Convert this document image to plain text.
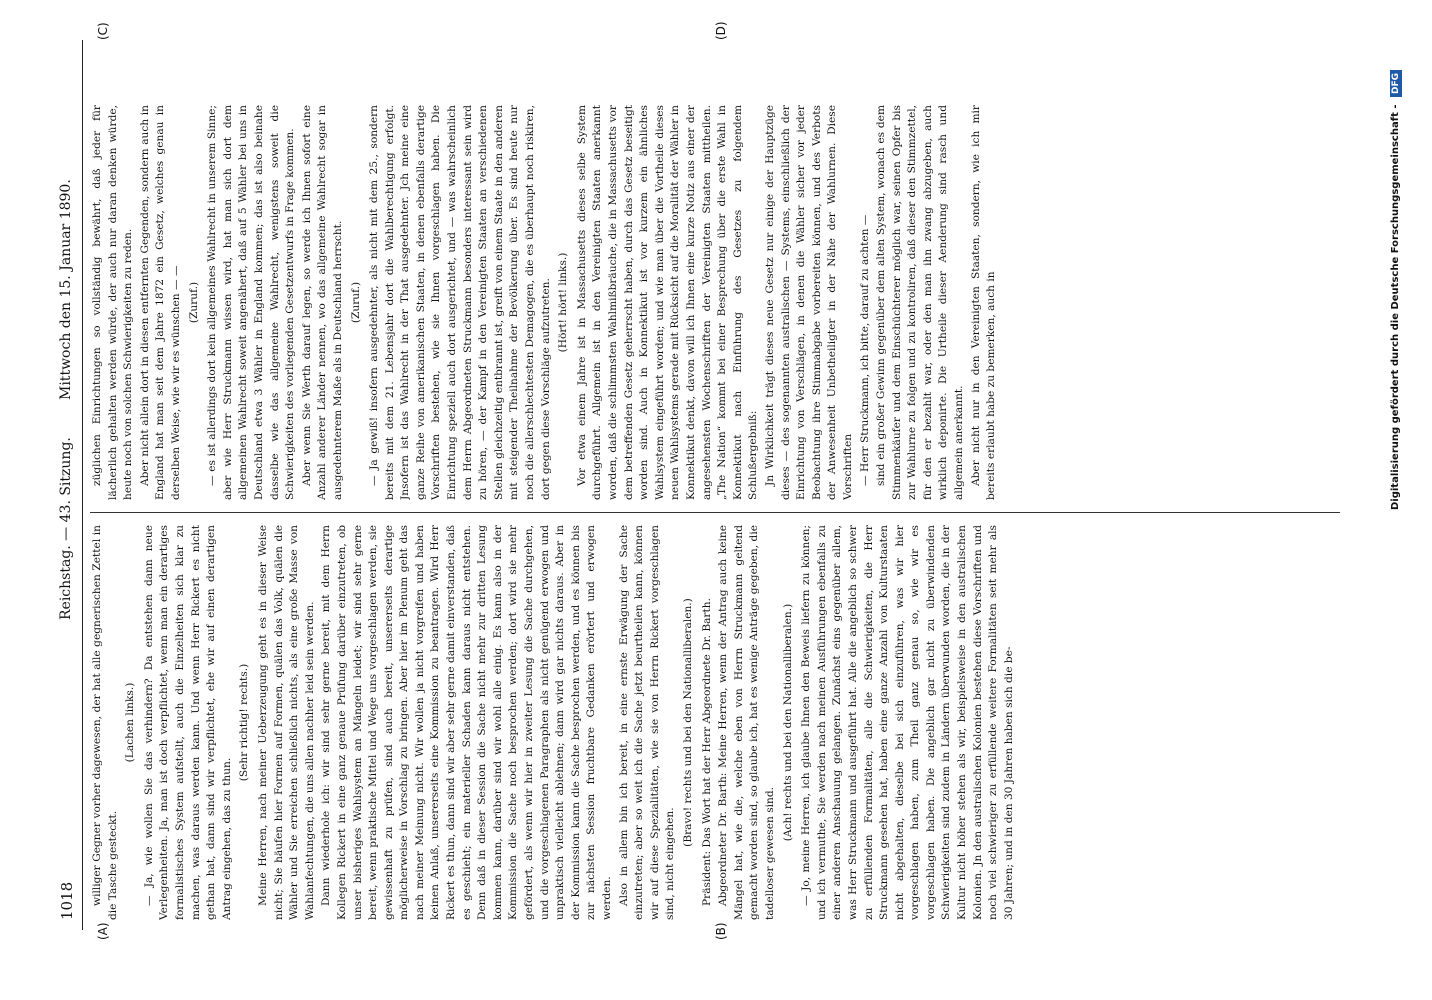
1018
Reichstag. — 43. Sitzung.
Mittwoch den 15. Januar 1890.
(A)	(B)
(C)	(D)

williger Gegner vorher dagewesen, der hat alle gegnerischen Zettel in die Tasche gesteckt.

(Lachen links.) — Ja, wie wollen Sie das verhindern? Da entstehen dann neue Verlegenheiten. Ja, man ist doch verpflichtet, wenn man ein derartiges formalistisches System aufstellt, auch die Einzelheiten sich klar zu machen, was daraus werden kann. Und wenn Herr Rickert es nicht gethan hat, dann sind wir verpflichtet, ehe wir auf einen derartigen Antrag eingehen, das zu thun.

(Sehr richtig! rechts.) Meine Herren, nach meiner Ueberzeugung geht es in dieser Weise nicht; Sie häufen hier Formen auf Formen, quälen das Volk, quälen die Wähler und Sie erreichen schließlich nichts, als eine große Masse von Wahlanfechtungen, die uns allen nachher leid sein werden. Dann wiederhole ich: wir sind sehr gerne bereit, mit dem Herrn Kollegen Rickert in eine ganz genaue Prüfung darüber einzutreten, ob unser bisheriges Wahlsystem an Mängeln leidet; wir sind sehr gerne bereit, wenn praktische Mittel und Wege uns vorgeschlagen werden, sie gewissenhaft zu prüfen, sind auch bereit, unsererseits derartige möglicherweise in Vorschlag zu bringen. Aber hier im Plenum geht das nach meiner Meinung nicht. Wir wollen ja nicht vorgreifen und haben keinen Anlaß, unsererseits eine Kommission zu beantragen. Wird Herr Rickert es thun, dann sind wir aber sehr gerne damit einverstanden, daß es geschieht; ein materieller Schaden kann daraus nicht entstehen. Denn daß in dieser Session die Sache nicht mehr zur dritten Lesung kommen kann, darüber sind wir wohl alle einig. Es kann also in der Kommission die Sache noch besprochen werden; dort wird sie mehr gefördert, als wenn wir hier in zweiter Lesung die Sache durchgehen, und die vorgeschlagenen Paragraphen als nicht genügend erwogen und unpraktisch vielleicht ablehnen; dann wird gar nichts daraus. Aber in der Kommission kann die Sache besprochen werden, und es können bis zur nächsten Session fruchtbare Gedanken erörtert und erwogen werden. Also in allem bin ich bereit, in eine ernste Erwägung der Sache einzutreten; aber so weit ich die Sache jetzt beurtheilen kann, können wir auf diese Spezialitäten, wie sie von Herrn Rickert vorgeschlagen sind, nicht eingehen.

(Bravo! rechts und bei den Nationalliberalen.) Präsident: Das Wort hat der Herr Abgeordnete Dr. Barth. Abgeordneter Dr. Barth: Meine Herren, wenn der Antrag auch keine Mängel hat, wie die, welche eben von Herrn Struckmann geltend gemacht worden sind, so glaube ich, hat es wenige Anträge gegeben, die tadelloser gewesen sind.

(Ach! rechts und bei den Nationalliberalen.) — Jo, meine Herren, ich glaube Ihnen den Beweis liefern zu können; und ich vermuthe, Sie werden nach meinen Ausführungen ebenfalls zu einer anderen Anschauung gelangen. Zunächst eins gegenüber allem, was Herr Struckmann und ausgeführt hat. Alle die angeblich so schwer zu erfüllenden Formalitäten, alle die Schwierigkeiten, die Herr Struckmann gesehen hat, haben eine ganze Anzahl von Kulturstaaten nicht abgehalten, dieselbe bei sich einzuführen, was wir hier vorgeschlagen haben, zum Theil ganz genau so, wie wir es vorgeschlagen haben. Die angeblich gar nicht zu überwindenden Schwierigkeiten sind zudem in Ländern überwunden worden, die in der Kultur nicht höher stehen als wir, beispielsweise in den australischen Kolonien. Jn den australischen Kolonien bestehen diese Vorschriften und noch viel schwieriger zu erfüllende weitere Formalitäten seit mehr als 30 Jahren; und in den 30 Jahren haben sich die be-

züglichen Einrichtungen so vollständig bewährt, daß jeder für lächerlich gehalten werden würde, der auch nur daran denken würde, heute noch von solchen Schwierigkeiten zu reden. Aber nicht allein dort in diesen entfernten Gegenden, sondern auch in England hat man seit dem Jahre 1872 ein Gesetz, welches genau in derselben Weise, wie wir es wünschen — — (Zuruf.) — es ist allerdings dort kein allgemeines Wahlrecht in unserem Sinne; aber wie Herr Struckmann wissen wird, hat man sich dort dem allgemeinen Wahlrecht soweit angenähert, daß auf 5 Wähler bei uns in Deutschland etwa 3 Wähler in England kommen; das ist also beinahe dasselbe wie das allgemeine Wahlrecht, wenigstens soweit die Schwierigkeiten des vorliegenden Gesetzentwurfs in Frage kommen. Aber wenn Sie Werth darauf legen, so werde ich Ihnen sofort eine Anzahl anderer Länder nennen, wo das allgemeine Wahlrecht sogar in ausgedehnterem Maße als in Deutschland herrscht. (Zuruf.) — Ja gewiß! insofern ausgedehnter, als nicht mit dem 25., sondern bereits mit dem 21. Lebensjahr dort die Wahlberechtigung erfolgt. Jnsofern ist das Wahlrecht in der That ausgedehnter. Jch meine eine ganze Reihe von amerikanischen Staaten, in denen ebenfalls derartige Vorschriften bestehen, wie sie Ihnen vorgeschlagen haben. Die Einrichtung speziell auch dort ausgerichtet, und — was wahrscheinlich dem Herrn Abgeordneten Struckmann besonders interessant sein wird zu hören, — der Kampf in den Vereinigten Staaten an verschiedenen Stellen gleichzeitig entbrannt ist, greift von einem Staate in den anderen mit steigender Theilnahme der Bevölkerung über. Es sind heute nur noch die allerschlechtesten Demagogen, die es überhaupt noch riskiren, dort gegen diese Vorschläge aufzutreten. (Hört! hört! links.) Vor etwa einem Jahre ist in Massachusetts dieses selbe System durchgeführt. Allgemein ist in den Vereinigten Staaten anerkannt worden, daß die schlimmsten Wahlmißbräuche, die in Massachusetts vor dem betreffenden Gesetz geherrscht haben, durch das Gesetz beseitigt worden sind. Auch in Konnektikut ist vor kurzem ein ähnliches Wahlsystem eingeführt worden; und wie man über die Vortheile dieses neuen Wahlsystems gerade mit Rücksicht auf die Moralität der Wähler in Konnektikut denkt, davon will ich Ihnen eine kurze Notiz aus einer der angesehensten Wochenschriften der Vereinigten Staaten mittheilen. „The Nation“ kommt bei einer Besprechung über die erste Wahl in Konnektikut nach Einführung des Gesetzes zu folgendem Schlußergebniß: Jn Wirklichkeit trägt dieses neue Gesetz nur einige der Hauptzüge dieses — des sogenannten australischen — Systems, einschließlich der Einrichtung von Verschlägen, in denen die Wähler sicher vor jeder Beobachtung ihre Stimmabgabe vorbereiten können, und des Verbots der Anwesenheit Unbetheiligter in der Nähe der Wahlurnen. Diese Vorschriften — Herr Struckmann, ich bitte, darauf zu achten — sind ein großer Gewinn gegenüber dem alten System, wonach es dem Stimmenkäufer und dem Einschüchterer möglich war, seinen Opfer bis zur Wahlurne zu folgen und zu kontroliren, daß dieser den Stimmzettel, für den er bezahlt war, oder den man ihn zwang abzugeben, auch wirklich deponirte. Die Urtheile dieser Aenderung sind rasch und allgemein anerkannt. Aber nicht nur in den Vereinigten Staaten, sondern, wie ich mir bereits erlaubt habe zu bemerken, auch in	Digitalisierung gefördert durch die Deutsche Forschungsgemeinschaft - DFG
